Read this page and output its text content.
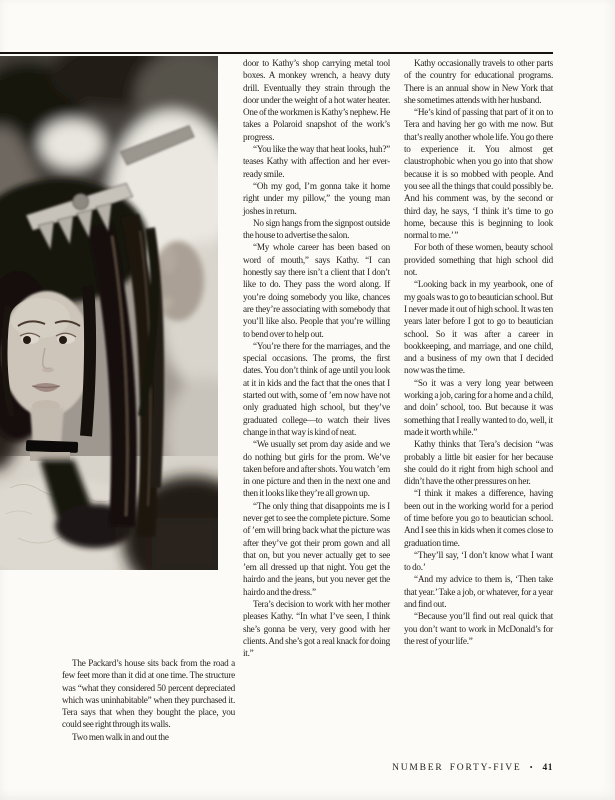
The Packard’s house sits back from the road a few feet more than it did at one time. The structure was “what they considered 50 percent depreciated which was uninhabitable” when they purchased it. Tera says that when they bought the place, you could see right through its walls.

Two men walk in and out the

door to Kathy’s shop carrying metal tool boxes. A monkey wrench, a heavy duty drill. Eventually they strain through the door under the weight of a hot water heater. One of the workmen is Kathy’s nephew. He takes a Polaroid snapshot of the work’s progress.

“You like the way that heat looks, huh?” teases Kathy with affection and her ever-ready smile.

“Oh my god, I’m gonna take it home right under my pillow,” the young man joshes in return.

No sign hangs from the signpost outside the house to advertise the salon.

“My whole career has been based on word of mouth,” says Kathy. “I can honestly say there isn’t a client that I don’t like to do. They pass the word along. If you’re doing somebody you like, chances are they’re associating with somebody that you’ll like also. People that you’re willing to bend over to help out.

“You’re there for the marriages, and the special occasions. The proms, the first dates. You don’t think of age until you look at it in kids and the fact that the ones that I started out with, some of ’em now have not only graduated high school, but they’ve graduated college—to watch their lives change in that way is kind of neat.

“We usually set prom day aside and we do nothing but girls for the prom. We’ve taken before and after shots. You watch ’em in one picture and then in the next one and then it looks like they’re all grown up.

“The only thing that disappoints me is I never get to see the complete picture. Some of ’em will bring back what the picture was after they’ve got their prom gown and all that on, but you never actually get to see ’em all dressed up that night. You get the hairdo and the jeans, but you never get the hairdo and the dress.”

Tera’s decision to work with her mother pleases Kathy. “In what I’ve seen, I think she’s gonna be very, very good with her clients. And she’s got a real knack for doing it.”

Kathy occasionally travels to other parts of the country for educational programs. There is an annual show in New York that she sometimes attends with her husband.

“He’s kind of passing that part of it on to Tera and having her go with me now. But that’s really another whole life. You go there to experience it. You almost get claustrophobic when you go into that show because it is so mobbed with people. And you see all the things that could possibly be. And his comment was, by the second or third day, he says, ‘I think it’s time to go home, because this is beginning to look normal to me.’ ”

For both of these women, beauty school provided something that high school did not.

“Looking back in my yearbook, one of my goals was to go to beautician school. But I never made it out of high school. It was ten years later before I got to go to beautician school. So it was after a career in bookkeeping, and marriage, and one child, and a business of my own that I decided now was the time.

“So it was a very long year between working a job, caring for a home and a child, and doin’ school, too. But because it was something that I really wanted to do, well, it made it worth while.”

Kathy thinks that Tera’s decision “was probably a little bit easier for her because she could do it right from high school and didn’t have the other pressures on her.

“I think it makes a difference, having been out in the working world for a period of time before you go to beautician school. And I see this in kids when it comes close to graduation time.

“They’ll say, ‘I don’t know what I want to do.’

“And my advice to them is, ‘Then take that year.’ Take a job, or whatever, for a year and find out.

“Because you’ll find out real quick that you don’t want to work in McDonald’s for the rest of your life.”

NUMBER FORTY-FIVE • 41
